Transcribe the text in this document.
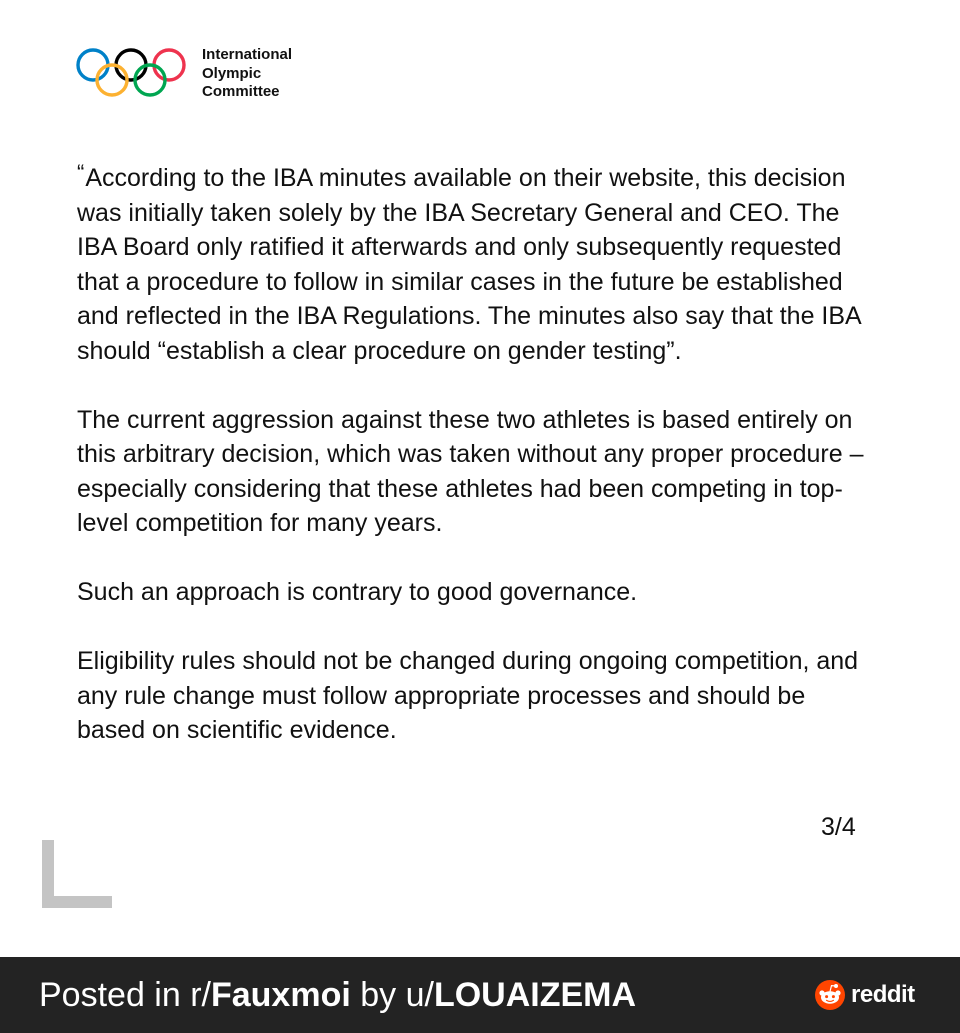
International
Olympic
Committee

“According to the IBA minutes available on their website, this decision was initially taken solely by the IBA Secretary General and CEO. The IBA Board only ratified it afterwards and only subsequently requested that a procedure to follow in similar cases in the future be established and reflected in the IBA Regulations. The minutes also say that the IBA should “establish a clear procedure on gender testing”.

The current aggression against these two athletes is based entirely on this arbitrary decision, which was taken without any proper procedure – especially considering that these athletes had been competing in top-level competition for many years.

Such an approach is contrary to good governance.

Eligibility rules should not be changed during ongoing competition, and any rule change must follow appropriate processes and should be based on scientific evidence.

3/4
Posted in r/Fauxmoi by u/LOUAIZEMA	reddit
